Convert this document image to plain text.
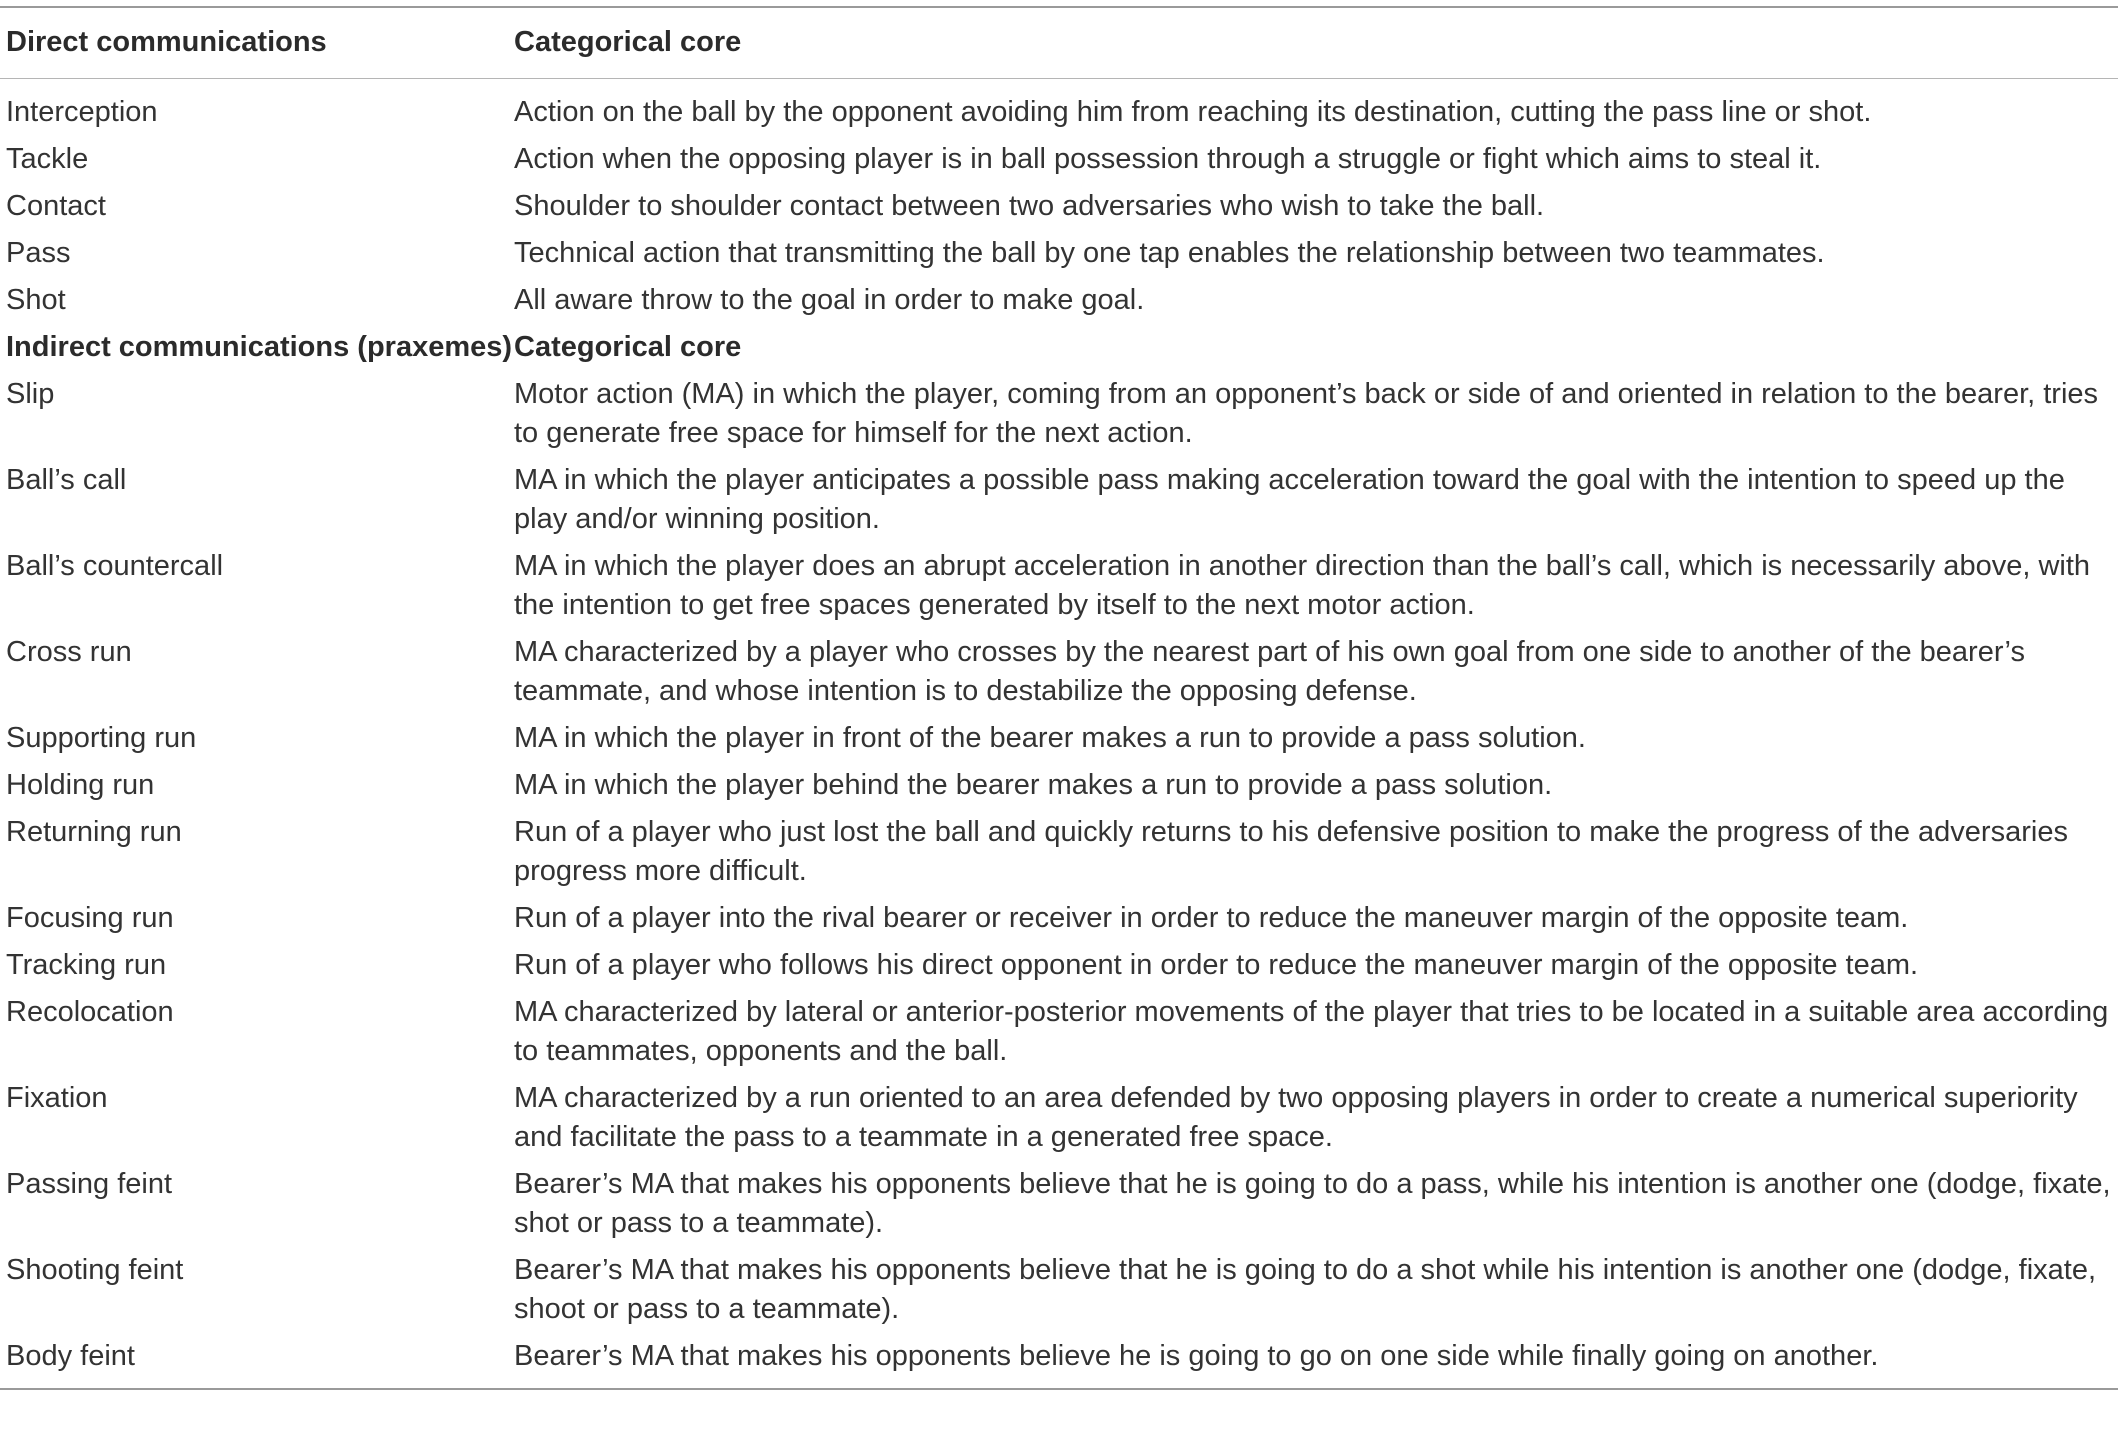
Direct communications	Categorical core
Interception	Action on the ball by the opponent avoiding him from reaching its destination, cutting the pass line or shot.
Tackle	Action when the opposing player is in ball possession through a struggle or fight which aims to steal it.
Contact	Shoulder to shoulder contact between two adversaries who wish to take the ball.
Pass	Technical action that transmitting the ball by one tap enables the relationship between two teammates.
Shot	All aware throw to the goal in order to make goal.
Indirect communications (praxemes)	Categorical core
Slip	Motor action (MA) in which the player, coming from an opponent’s back or side of and oriented in relation to the bearer, tries to generate free space for himself for the next action.
Ball’s call	MA in which the player anticipates a possible pass making acceleration toward the goal with the intention to speed up the play and/or winning position.
Ball’s countercall	MA in which the player does an abrupt acceleration in another direction than the ball’s call, which is necessarily above, with the intention to get free spaces generated by itself to the next motor action.
Cross run	MA characterized by a player who crosses by the nearest part of his own goal from one side to another of the bearer’s teammate, and whose intention is to destabilize the opposing defense.
Supporting run	MA in which the player in front of the bearer makes a run to provide a pass solution.
Holding run	MA in which the player behind the bearer makes a run to provide a pass solution.
Returning run	Run of a player who just lost the ball and quickly returns to his defensive position to make the progress of the adversaries progress more difficult.
Focusing run	Run of a player into the rival bearer or receiver in order to reduce the maneuver margin of the opposite team.
Tracking run	Run of a player who follows his direct opponent in order to reduce the maneuver margin of the opposite team.
Recolocation	MA characterized by lateral or anterior-posterior movements of the player that tries to be located in a suitable area according to teammates, opponents and the ball.
Fixation	MA characterized by a run oriented to an area defended by two opposing players in order to create a numerical superiority and facilitate the pass to a teammate in a generated free space.
Passing feint	Bearer’s MA that makes his opponents believe that he is going to do a pass, while his intention is another one (dodge, fixate, shot or pass to a teammate).
Shooting feint	Bearer’s MA that makes his opponents believe that he is going to do a shot while his intention is another one (dodge, fixate, shoot or pass to a teammate).
Body feint	Bearer’s MA that makes his opponents believe he is going to go on one side while finally going on another.
